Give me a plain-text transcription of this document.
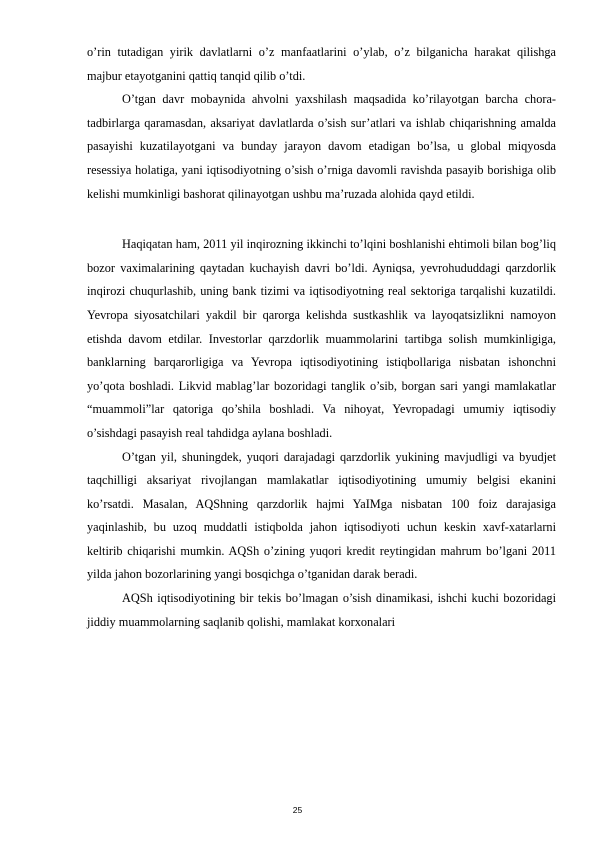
o’rin tutadigan yirik davlatlarni o’z manfaatlarini o’ylab, o’z bilganicha harakat qilishga majbur etayotganini qattiq tanqid qilib o’tdi.

O’tgan davr mobaynida ahvolni yaxshilash maqsadida ko’rilayotgan barcha chora-tadbirlarga qaramasdan, aksariyat davlatlarda o’sish sur’atlari va ishlab chiqarishning amalda pasayishi kuzatilayotgani va bunday jarayon davom etadigan bo’lsa, u global miqyosda resessiya holatiga, yani iqtisodiyotning o’sish o’rniga davomli ravishda pasayib borishiga olib kelishi mumkinligi bashorat qilinayotgan ushbu ma’ruzada alohida qayd etildi.

Haqiqatan ham, 2011 yil inqirozning ikkinchi to’lqini boshlanishi ehtimoli bilan bog’liq bozor vaximalarining qaytadan kuchayish davri bo’ldi. Ayniqsa, yevrohududdagi qarzdorlik inqirozi chuqurlashib, uning bank tizimi va iqtisodiyotning real sektoriga tarqalishi kuzatildi. Yevropa siyosatchilari yakdil bir qarorga kelishda sustkashlik va layoqatsizlikni namoyon etishda davom etdilar. Investorlar qarzdorlik muammolarini tartibga solish mumkinligiga, banklarning barqarorligiga va Yevropa iqtisodiyotining istiqbollariga nisbatan ishonchni yo’qota boshladi. Likvid mablag’lar bozoridagi tanglik o’sib, borgan sari yangi mamlakatlar “muammoli”lar qatoriga qo’shila boshladi. Va nihoyat, Yevropadagi umumiy iqtisodiy o’sishdagi pasayish real tahdidga aylana boshladi.

O’tgan yil, shuningdek, yuqori darajadagi qarzdorlik yukining mavjudligi va byudjet taqchilligi aksariyat rivojlangan mamlakatlar iqtisodiyotining umumiy belgisi ekanini ko’rsatdi. Masalan, AQShning qarzdorlik hajmi YaIMga nisbatan 100 foiz darajasiga yaqinlashib, bu uzoq muddatli istiqbolda jahon iqtisodiyoti uchun keskin xavf-xatarlarni keltirib chiqarishi mumkin. AQSh o’zining yuqori kredit reytingidan mahrum bo’lgani 2011 yilda jahon bozorlarining yangi bosqichga o’tganidan darak beradi.

AQSh iqtisodiyotining bir tekis bo’lmagan o’sish dinamikasi, ishchi kuchi bozoridagi jiddiy muammolarning saqlanib qolishi, mamlakat korxonalari

25
